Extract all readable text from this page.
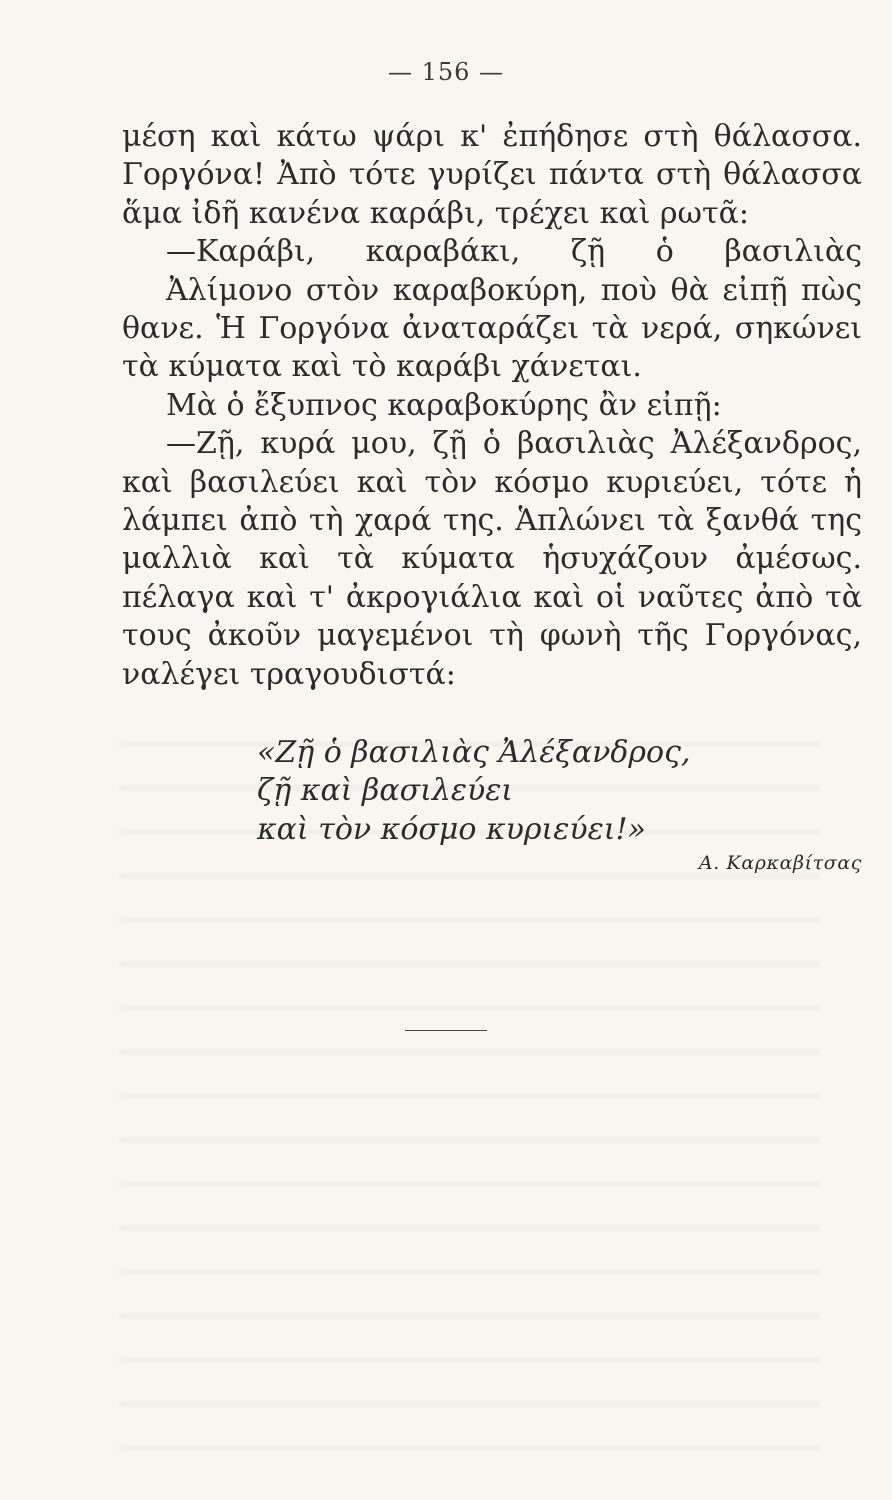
— 156 —
μέση καὶ κάτω ψάρι κ' ἐπήδησε στὴ θάλασσα.
Γοργόνα! Ἀπὸ τότε γυρίζει πάντα στὴ θάλασσα
ἅμα ἰδῆ κανένα καράβι, τρέχει καὶ ρωτᾶ:
—Καράβι, καραβάκι, ζῇ ὁ βασιλιὰς
Ἀλίμονο στὸν καραβοκύρη, ποὺ θὰ εἰπῇ πὼς
θανε. Ἡ Γοργόνα ἀναταράζει τὰ νερά, σηκώνει
τὰ κύματα καὶ τὸ καράβι χάνεται.
Μὰ ὁ ἔξυπνος καραβοκύρης ἂν εἰπῇ:
—Ζῇ, κυρά μου, ζῇ ὁ βασιλιὰς Ἀλέξανδρος,
καὶ βασιλεύει καὶ τὸν κόσμο κυριεύει, τότε ἡ
λάμπει ἀπὸ τὴ χαρά της. Ἁπλώνει τὰ ξανθά της
μαλλιὰ καὶ τὰ κύματα ἡσυχάζουν ἀμέσως.
πέλαγα καὶ τ' ἀκρογιάλια καὶ οἱ ναῦτες ἀπὸ τὰ
τους ἀκοῦν μαγεμένοι τὴ φωνὴ τῆς Γοργόνας,
ναλέγει τραγουδιστά:
«Ζῇ ὁ βασιλιὰς Ἀλέξανδρος,
ζῇ καὶ βασιλεύει
καὶ τὸν κόσμο κυριεύει!»
Α. Καρκαβίτσας
